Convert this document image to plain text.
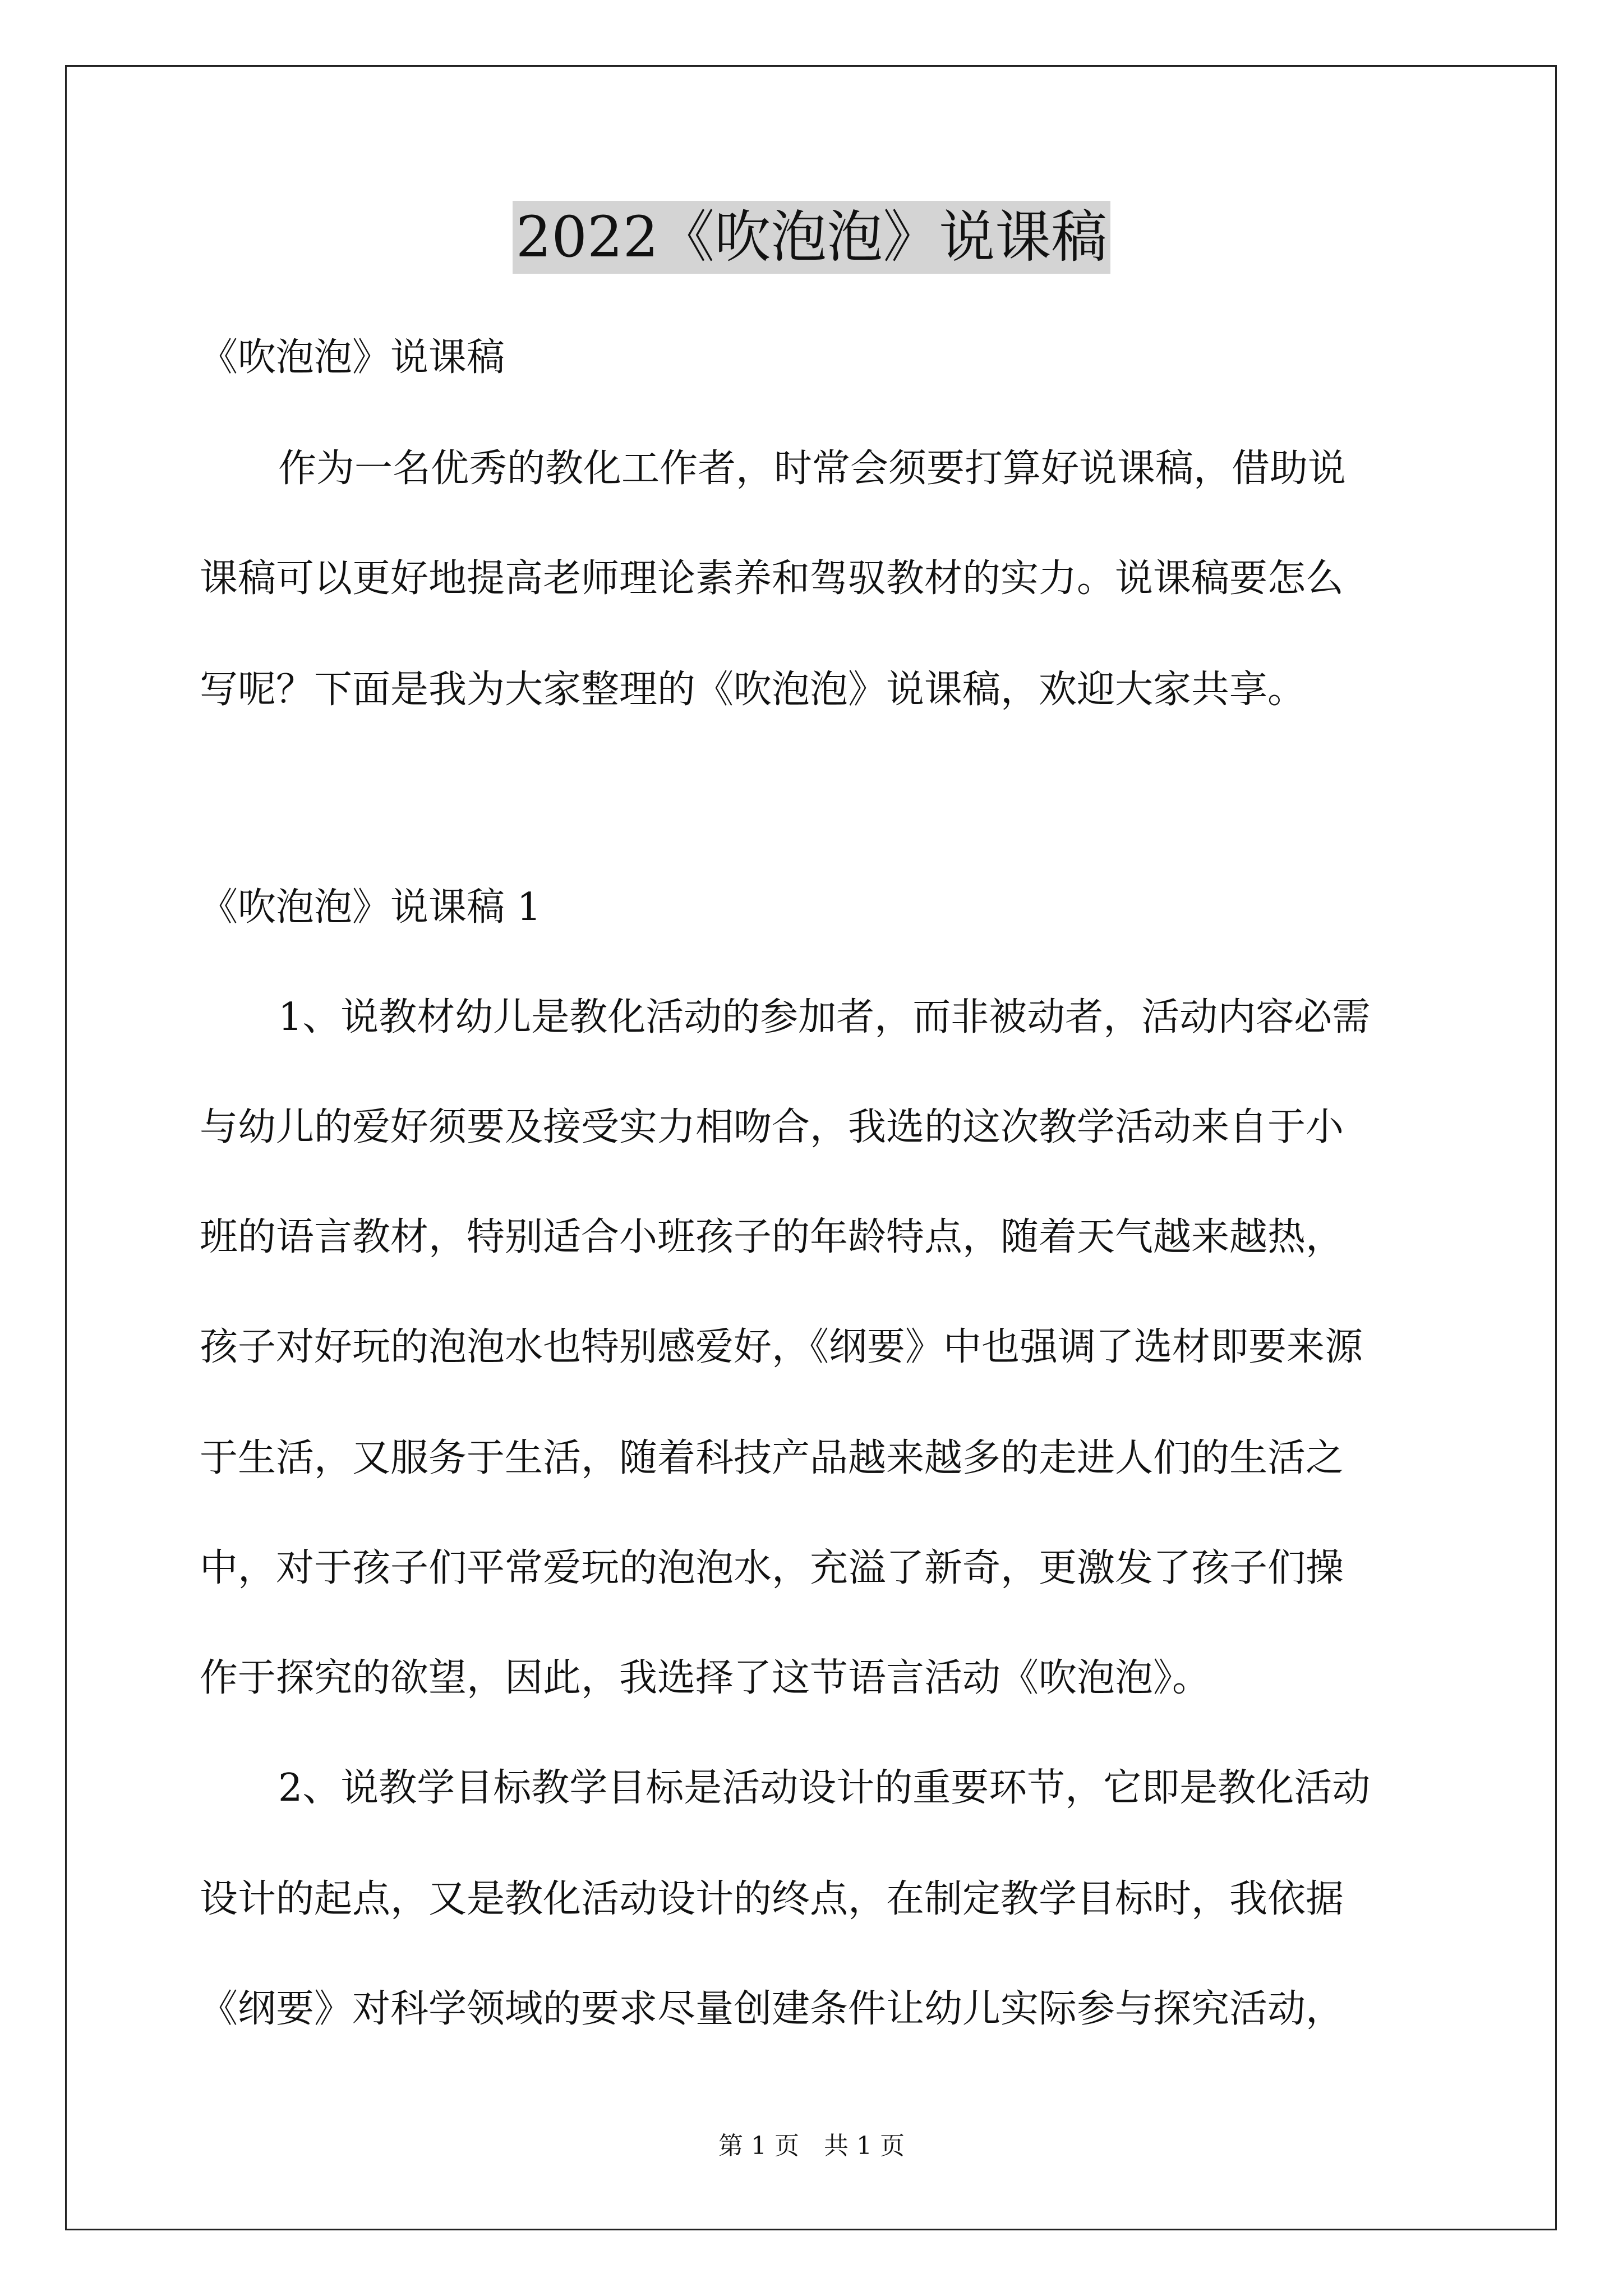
2022《吹泡泡》说课稿

《吹泡泡》说课稿

作为一名优秀的教化工作者，时常会须要打算好说课稿，借助说

课稿可以更好地提高老师理论素养和驾驭教材的实力。说课稿要怎么

写呢？下面是我为大家整理的《吹泡泡》说课稿，欢迎大家共享。

《吹泡泡》说课稿 1

1、说教材幼儿是教化活动的参加者，而非被动者，活动内容必需

与幼儿的爱好须要及接受实力相吻合，我选的这次教学活动来自于小

班的语言教材，特别适合小班孩子的年龄特点，随着天气越来越热，

孩子对好玩的泡泡水也特别感爱好，《纲要》中也强调了选材即要来源

于生活，又服务于生活，随着科技产品越来越多的走进人们的生活之

中，对于孩子们平常爱玩的泡泡水，充溢了新奇，更激发了孩子们操

作于探究的欲望，因此，我选择了这节语言活动《吹泡泡》。

2、说教学目标教学目标是活动设计的重要环节，它即是教化活动

设计的起点，又是教化活动设计的终点，在制定教学目标时，我依据

《纲要》对科学领域的要求尽量创建条件让幼儿实际参与探究活动，

第 1 页　共 1 页
